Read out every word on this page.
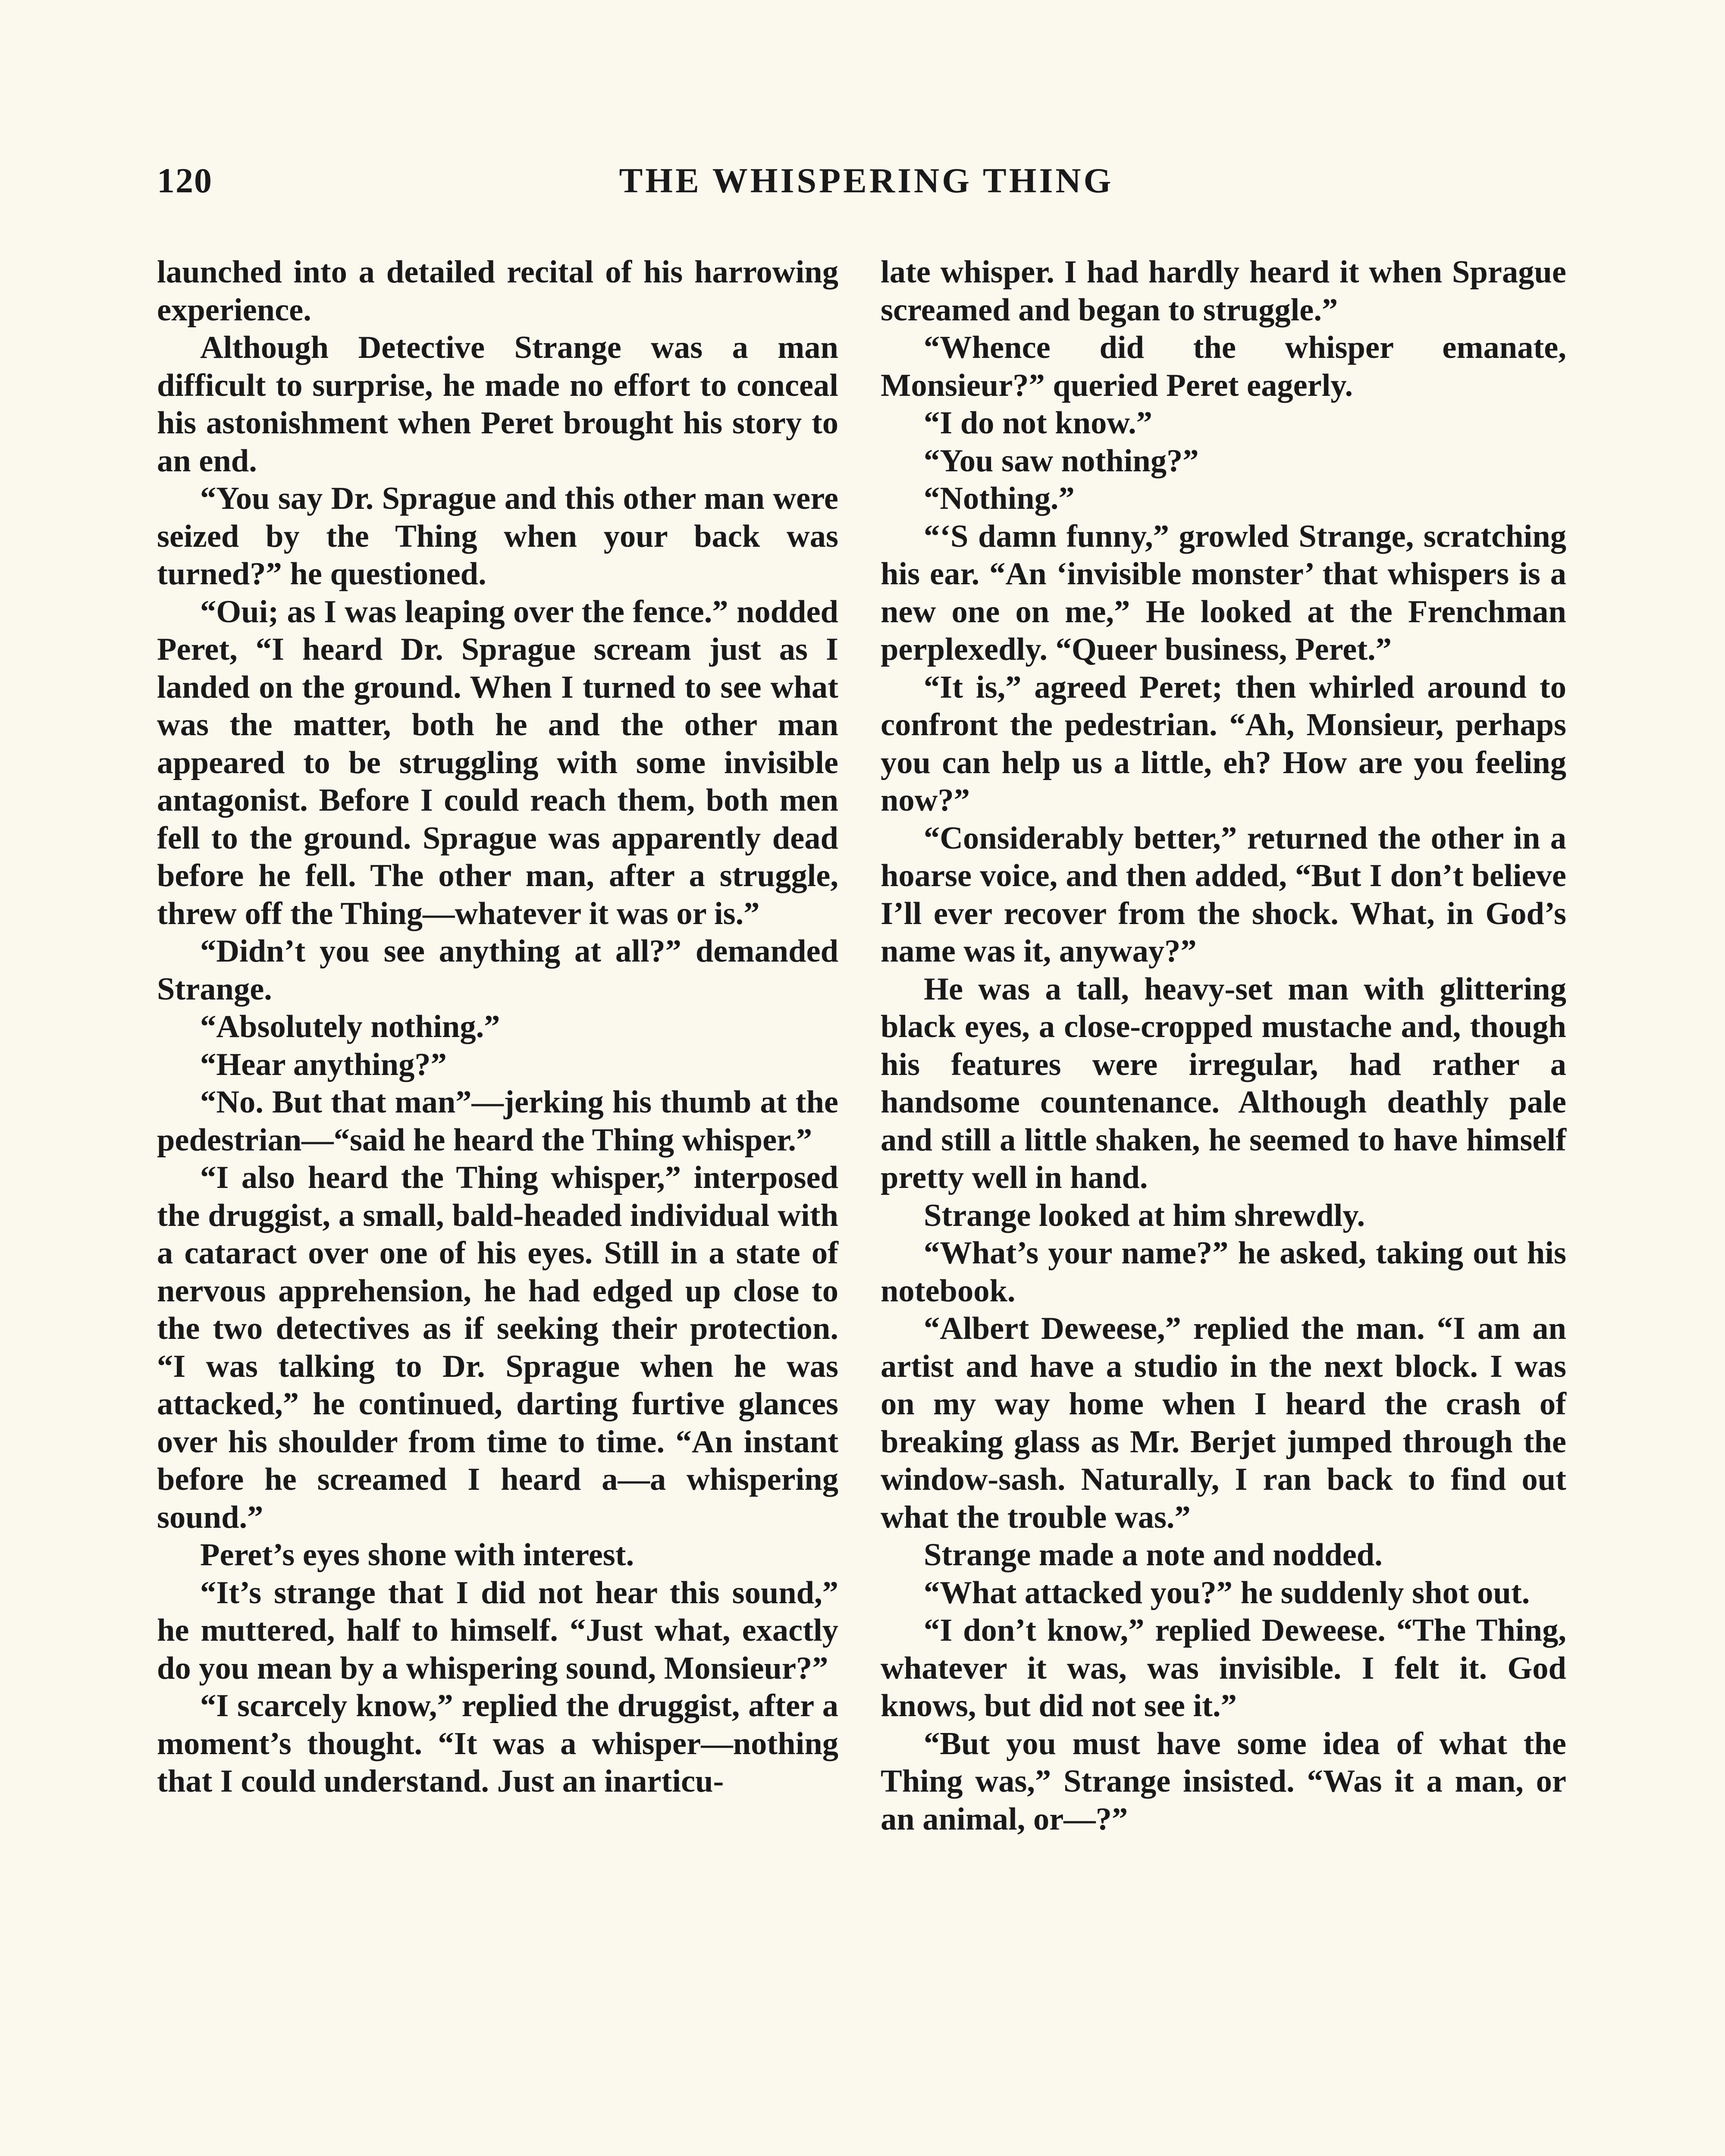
120	THE WHISPERING THING

launched into a detailed recital of his harrowing experience.

Although Detective Strange was a man difficult to surprise, he made no effort to conceal his astonishment when Peret brought his story to an end.

“You say Dr. Sprague and this other man were seized by the Thing when your back was turned?” he questioned.

“Oui; as I was leaping over the fence.” nodded Peret, “I heard Dr. Sprague scream just as I landed on the ground. When I turned to see what was the matter, both he and the other man appeared to be struggling with some invisible antagonist. Before I could reach them, both men fell to the ground. Sprague was apparently dead before he fell. The other man, after a struggle, threw off the Thing—whatever it was or is.”

“Didn’t you see anything at all?” demanded Strange.

“Absolutely nothing.”

“Hear anything?”

“No. But that man”—jerking his thumb at the pedestrian—“said he heard the Thing whisper.”

“I also heard the Thing whisper,” interposed the druggist, a small, bald-headed individual with a cataract over one of his eyes. Still in a state of nervous apprehension, he had edged up close to the two detectives as if seeking their protection. “I was talking to Dr. Sprague when he was attacked,” he continued, darting furtive glances over his shoulder from time to time. “An instant before he screamed I heard a—a whispering sound.”

Peret’s eyes shone with interest.

“It’s strange that I did not hear this sound,” he muttered, half to himself. “Just what, exactly do you mean by a whispering sound, Monsieur?”

“I scarcely know,” replied the druggist, after a moment’s thought. “It was a whisper—nothing that I could understand. Just an inarticu-

late whisper. I had hardly heard it when Sprague screamed and began to struggle.”

“Whence did the whisper emanate, Monsieur?” queried Peret eagerly.

“I do not know.”

“You saw nothing?”

“Nothing.”

“‘S damn funny,” growled Strange, scratching his ear. “An ‘invisible monster’ that whispers is a new one on me,” He looked at the Frenchman perplexedly. “Queer business, Peret.”

“It is,” agreed Peret; then whirled around to confront the pedestrian. “Ah, Monsieur, perhaps you can help us a little, eh? How are you feeling now?”

“Considerably better,” returned the other in a hoarse voice, and then added, “But I don’t believe I’ll ever recover from the shock. What, in God’s name was it, anyway?”

He was a tall, heavy-set man with glittering black eyes, a close-cropped mustache and, though his features were irregular, had rather a handsome countenance. Although deathly pale and still a little shaken, he seemed to have himself pretty well in hand.

Strange looked at him shrewdly.

“What’s your name?” he asked, taking out his notebook.

“Albert Deweese,” replied the man. “I am an artist and have a studio in the next block. I was on my way home when I heard the crash of breaking glass as Mr. Berjet jumped through the window-sash. Naturally, I ran back to find out what the trouble was.”

Strange made a note and nodded.

“What attacked you?” he suddenly shot out.

“I don’t know,” replied Deweese. “The Thing, whatever it was, was invisible. I felt it. God knows, but did not see it.”

“But you must have some idea of what the Thing was,” Strange insisted. “Was it a man, or an animal, or—?”
